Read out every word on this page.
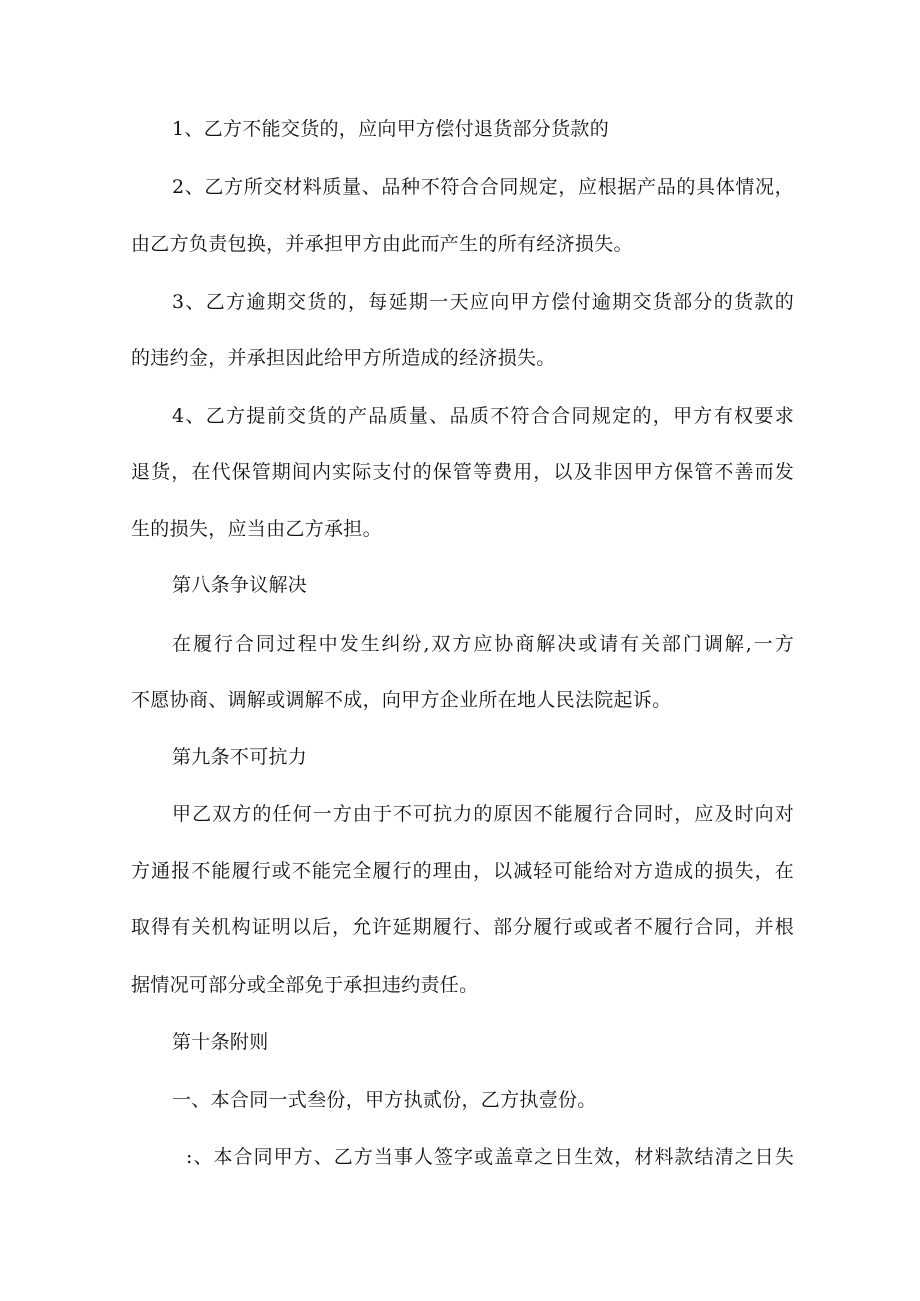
1、乙方不能交货的，应向甲方偿付退货部分货款的
2、乙方所交材料质量、品种不符合合同规定，应根据产品的具体情况，
由乙方负责包换，并承担甲方由此而产生的所有经济损失。
3、乙方逾期交货的，每延期一天应向甲方偿付逾期交货部分的货款的
的违约金，并承担因此给甲方所造成的经济损失。
4、乙方提前交货的产品质量、品质不符合合同规定的，甲方有权要求
退货，在代保管期间内实际支付的保管等费用，以及非因甲方保管不善而发
生的损失，应当由乙方承担。
第八条争议解决
在履行合同过程中发生纠纷,双方应协商解决或请有关部门调解,一方
不愿协商、调解或调解不成，向甲方企业所在地人民法院起诉。
第九条不可抗力
甲乙双方的任何一方由于不可抗力的原因不能履行合同时，应及时向对
方通报不能履行或不能完全履行的理由，以减轻可能给对方造成的损失，在
取得有关机构证明以后，允许延期履行、部分履行或或者不履行合同，并根
据情况可部分或全部免于承担违约责任。
第十条附则
一、本合同一式叁份，甲方执贰份，乙方执壹份。
:、本合同甲方、乙方当事人签字或盖章之日生效，材料款结清之日失
